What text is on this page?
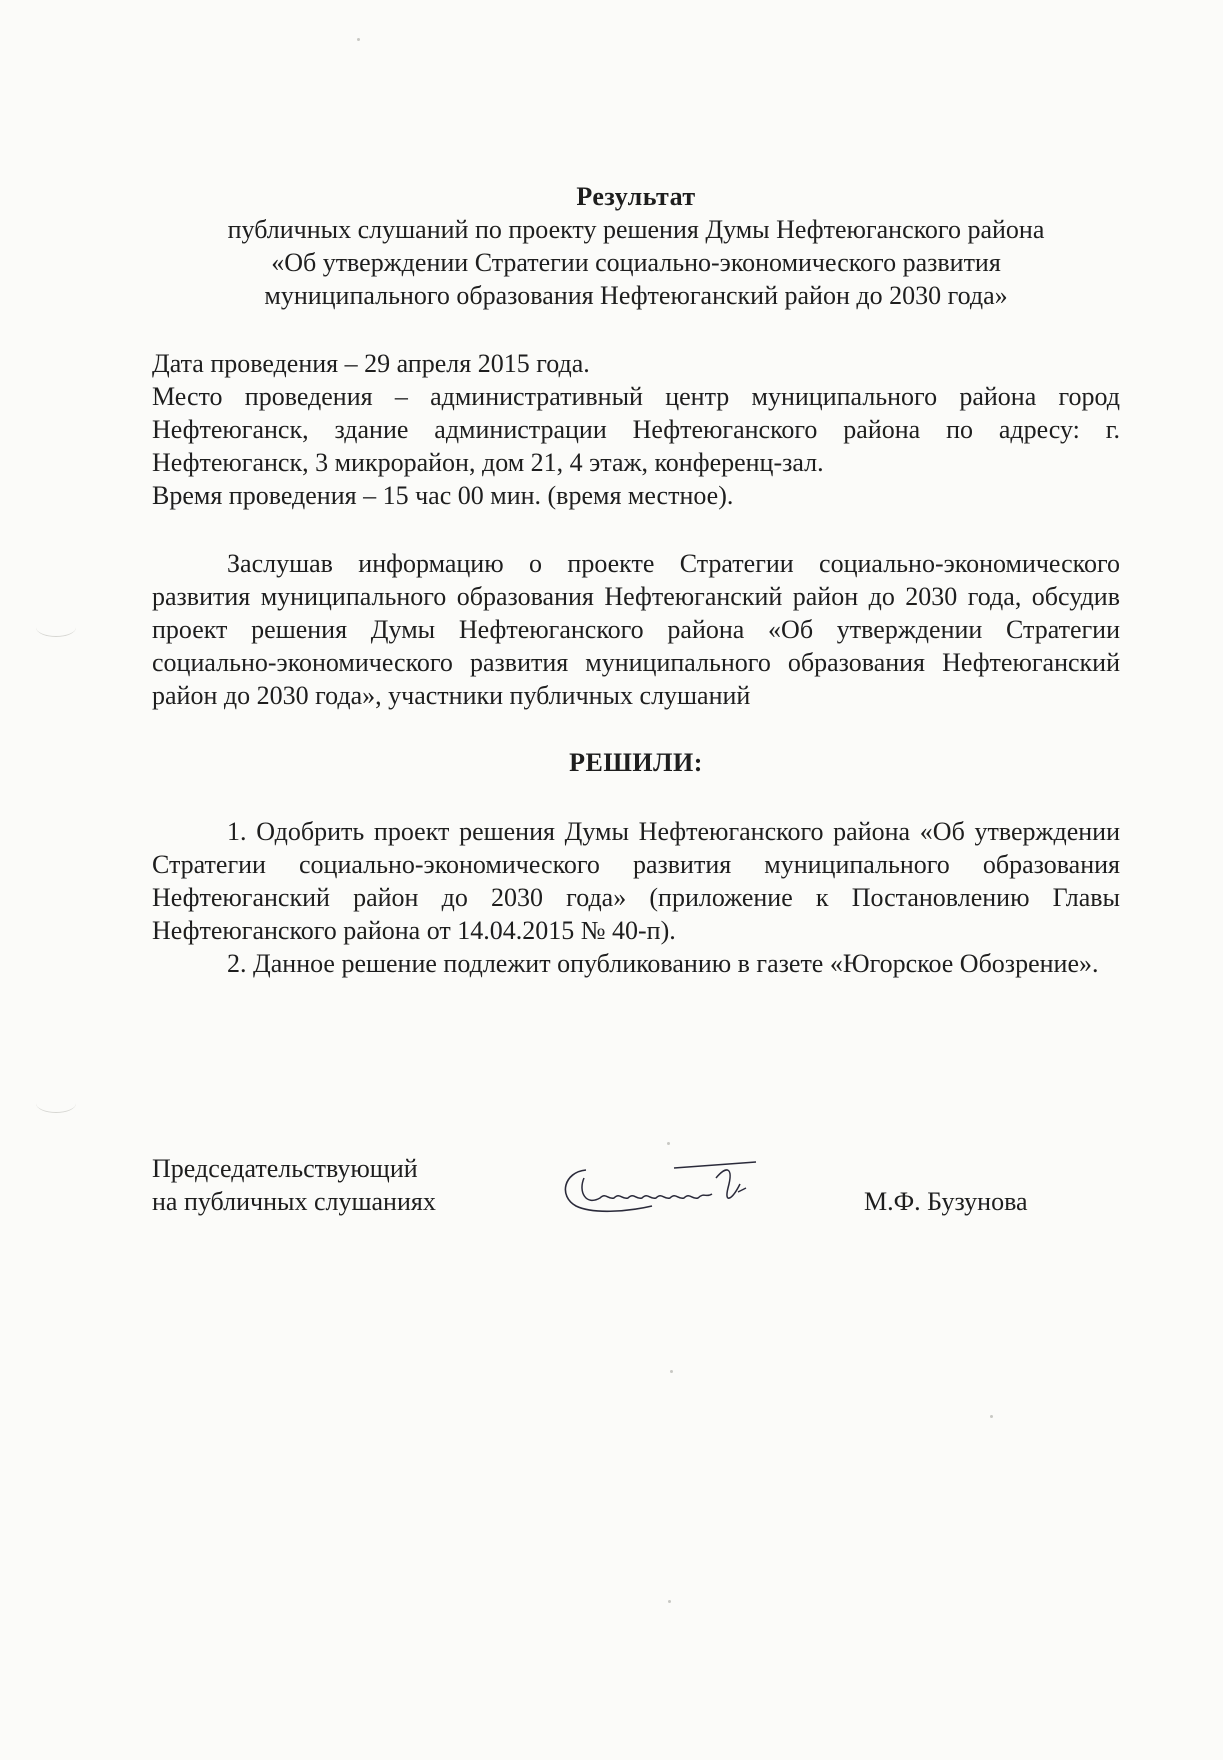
Результат
публичных слушаний по проекту решения Думы Нефтеюганского района
«Об утверждении Стратегии социально-экономического развития
муниципального образования Нефтеюганский район до 2030 года»
Дата проведения – 29 апреля 2015 года.
Место проведения – административный центр муниципального района город Нефтеюганск, здание администрации Нефтеюганского района по адресу: г. Нефтеюганск, 3 микрорайон, дом 21, 4 этаж, конференц-зал.
Время проведения – 15 час 00 мин. (время местное).
Заслушав информацию о проекте Стратегии социально-экономического развития муниципального образования Нефтеюганский район до 2030 года, обсудив проект решения Думы Нефтеюганского района «Об утверждении Стратегии социально-экономического развития муниципального образования Нефтеюганский район до 2030 года», участники публичных слушаний
РЕШИЛИ:
1. Одобрить проект решения Думы Нефтеюганского района «Об утверждении Стратегии социально-экономического развития муниципального образования Нефтеюганский район до 2030 года» (приложение к Постановлению Главы Нефтеюганского района от 14.04.2015 № 40-п).
2. Данное решение подлежит опубликованию в газете «Югорское Обозрение».
Председательствующий
на публичных слушаниях	М.Ф. Бузунова
